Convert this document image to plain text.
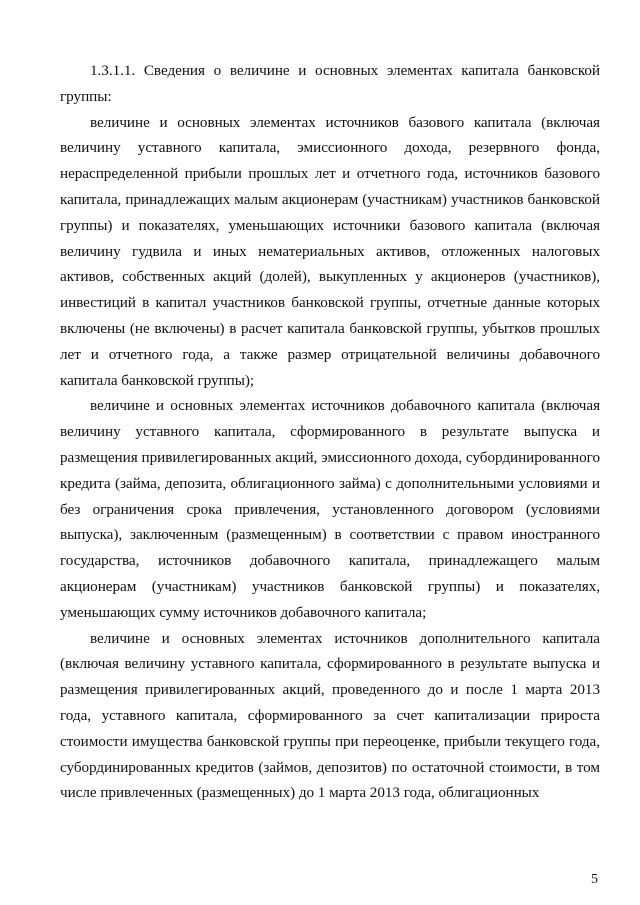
1.3.1.1. Сведения о величине и основных элементах капитала банковской группы:

величине и основных элементах источников базового капитала (включая величину уставного капитала, эмиссионного дохода, резервного фонда, нераспределенной прибыли прошлых лет и отчетного года, источников базового капитала, принадлежащих малым акционерам (участникам) участников банковской группы) и показателях, уменьшающих источники базового капитала (включая величину гудвила и иных нематериальных активов, отложенных налоговых активов, собственных акций (долей), выкупленных у акционеров (участников), инвестиций в капитал участников банковской группы, отчетные данные которых включены (не включены) в расчет капитала банковской группы, убытков прошлых лет и отчетного года, а также размер отрицательной величины добавочного капитала банковской группы);

величине и основных элементах источников добавочного капитала (включая величину уставного капитала, сформированного в результате выпуска и размещения привилегированных акций, эмиссионного дохода, субординированного кредита (займа, депозита, облигационного займа) с дополнительными условиями и без ограничения срока привлечения, установленного договором (условиями выпуска), заключенным (размещенным) в соответствии с правом иностранного государства, источников добавочного капитала, принадлежащего малым акционерам (участникам) участников банковской группы) и показателях, уменьшающих сумму источников добавочного капитала;

величине и основных элементах источников дополнительного капитала (включая величину уставного капитала, сформированного в результате выпуска и размещения привилегированных акций, проведенного до и после 1 марта 2013 года, уставного капитала, сформированного за счет капитализации прироста стоимости имущества банковской группы при переоценке, прибыли текущего года, субординированных кредитов (займов, депозитов) по остаточной стоимости, в том числе привлеченных (размещенных) до 1 марта 2013 года, облигационных

5
